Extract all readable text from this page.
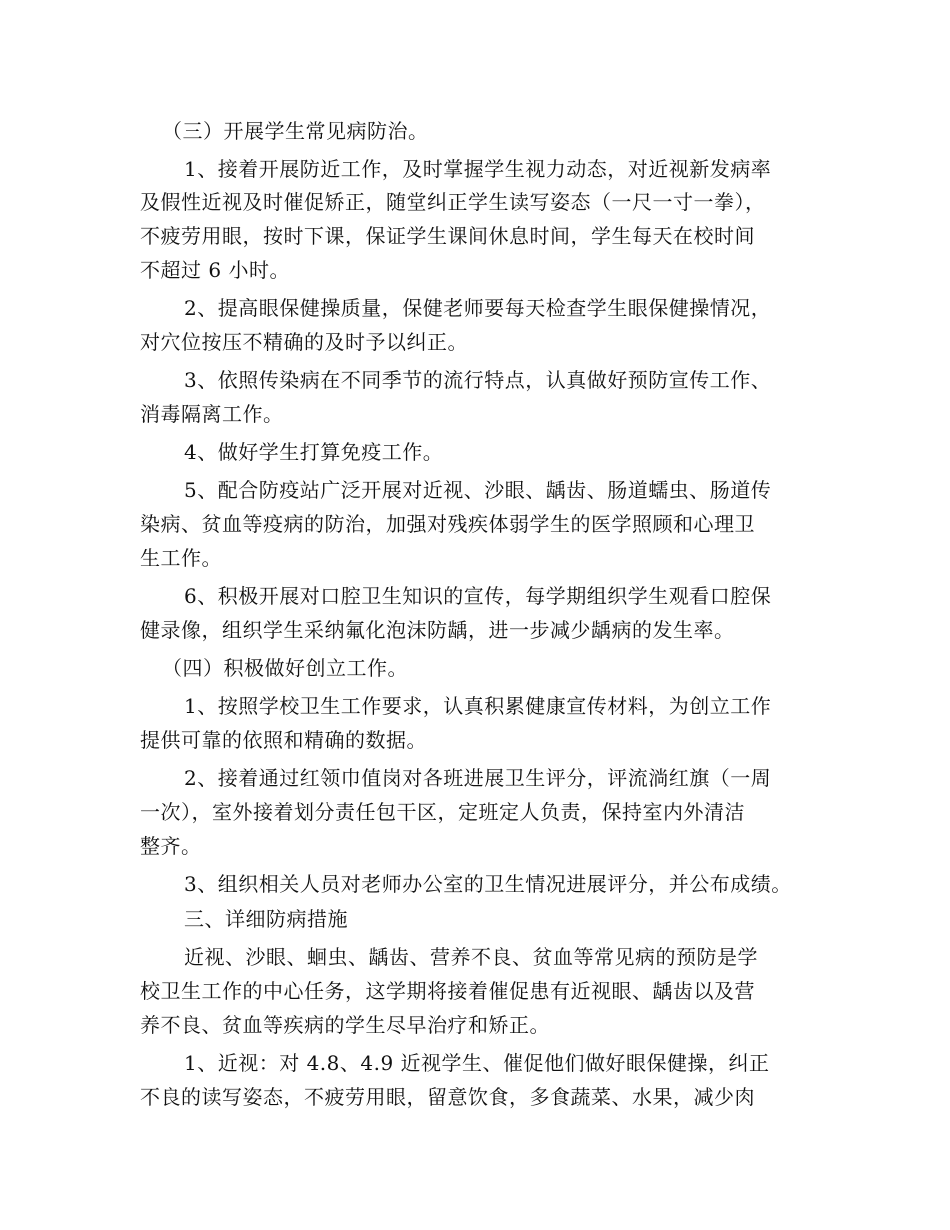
（三）开展学生常见病防治。
1、接着开展防近工作，及时掌握学生视力动态，对近视新发病率
及假性近视及时催促矫正，随堂纠正学生读写姿态（一尺一寸一拳），
不疲劳用眼，按时下课，保证学生课间休息时间，学生每天在校时间
不超过 6 小时。
2、提高眼保健操质量，保健老师要每天检查学生眼保健操情况，
对穴位按压不精确的及时予以纠正。
3、依照传染病在不同季节的流行特点，认真做好预防宣传工作、
消毒隔离工作。
4、做好学生打算免疫工作。
5、配合防疫站广泛开展对近视、沙眼、龋齿、肠道蠕虫、肠道传
染病、贫血等疫病的防治，加强对残疾体弱学生的医学照顾和心理卫
生工作。
6、积极开展对口腔卫生知识的宣传，每学期组织学生观看口腔保
健录像，组织学生采纳氟化泡沫防龋，进一步减少龋病的发生率。
（四）积极做好创立工作。
1、按照学校卫生工作要求，认真积累健康宣传材料，为创立工作
提供可靠的依照和精确的数据。
2、接着通过红领巾值岗对各班进展卫生评分，评流淌红旗（一周
一次），室外接着划分责任包干区，定班定人负责，保持室内外清洁
整齐。
3、组织相关人员对老师办公室的卫生情况进展评分，并公布成绩。
三、详细防病措施
近视、沙眼、蛔虫、龋齿、营养不良、贫血等常见病的预防是学
校卫生工作的中心任务，这学期将接着催促患有近视眼、龋齿以及营
养不良、贫血等疾病的学生尽早治疗和矫正。
1、近视：对 4.8、4.9 近视学生、催促他们做好眼保健操，纠正
不良的读写姿态，不疲劳用眼，留意饮食，多食蔬菜、水果，减少肉
